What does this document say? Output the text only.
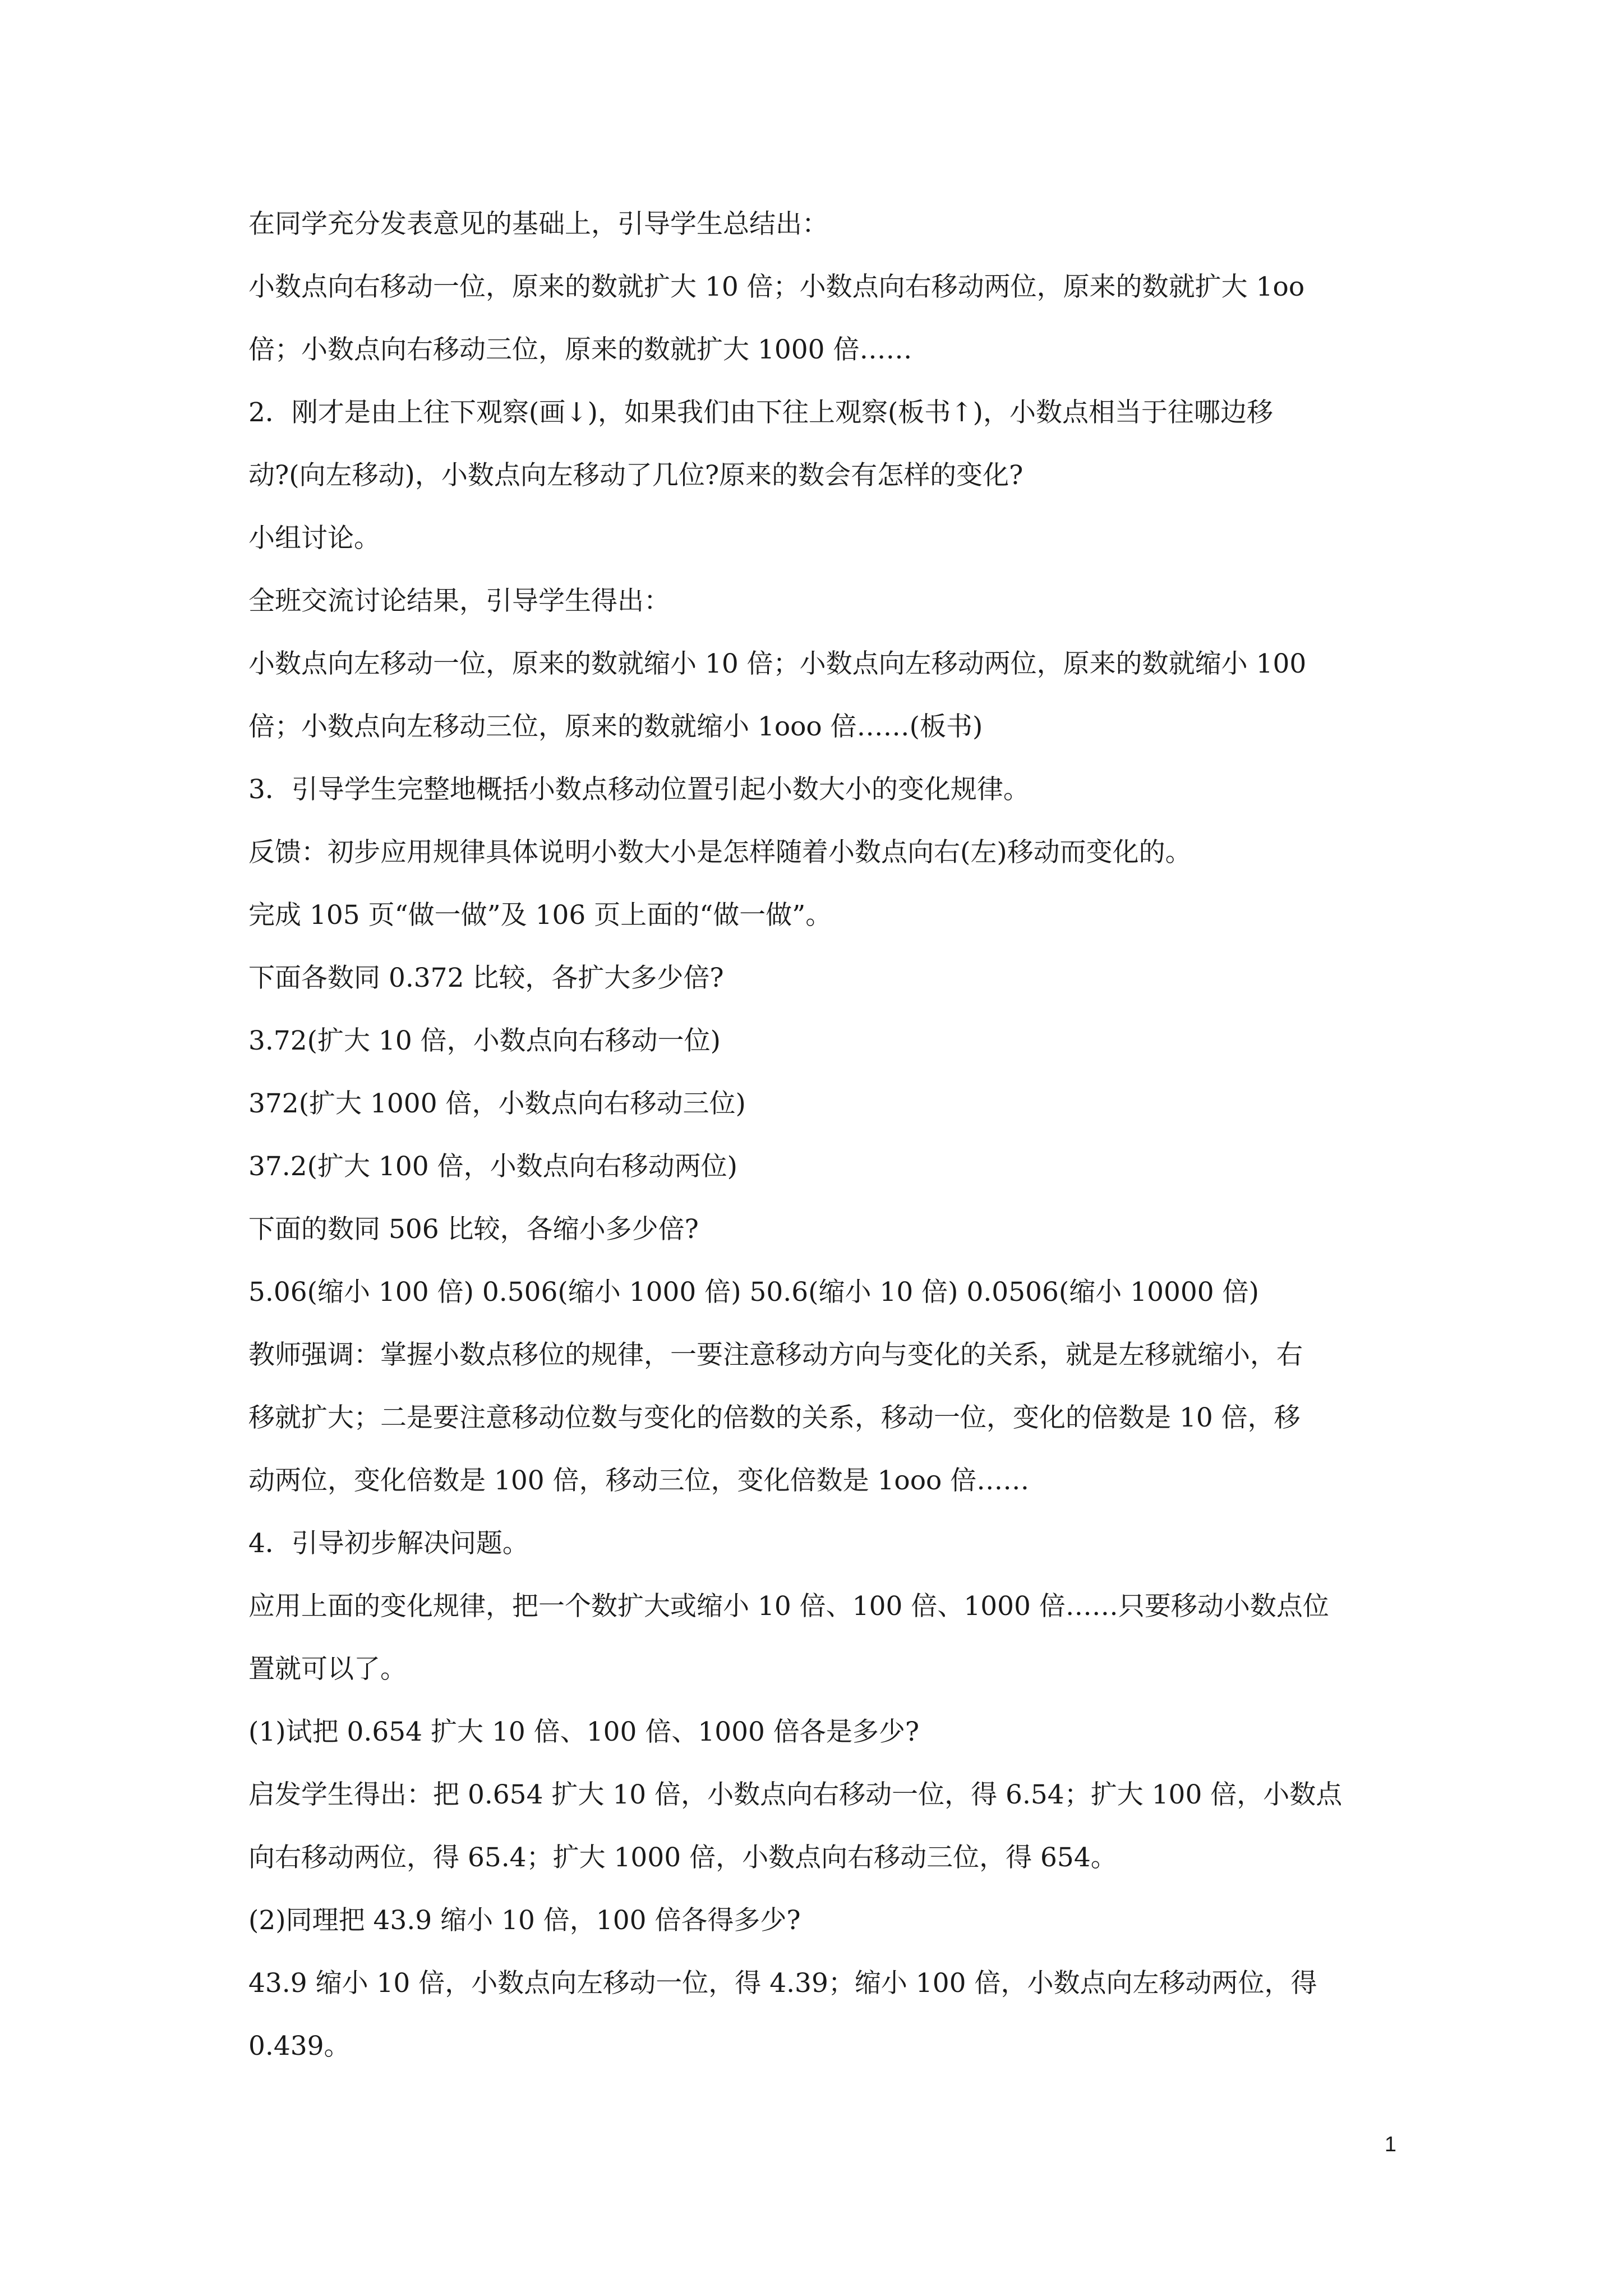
在同学充分发表意见的基础上，引导学生总结出：

小数点向右移动一位，原来的数就扩大 10 倍；小数点向右移动两位，原来的数就扩大 1oo

倍；小数点向右移动三位，原来的数就扩大 1000 倍……

2．刚才是由上往下观察(画↓)，如果我们由下往上观察(板书↑)，小数点相当于往哪边移

动?(向左移动)，小数点向左移动了几位?原来的数会有怎样的变化?

小组讨论。

全班交流讨论结果，引导学生得出：

小数点向左移动一位，原来的数就缩小 10 倍；小数点向左移动两位，原来的数就缩小 100

倍；小数点向左移动三位，原来的数就缩小 1ooo 倍……(板书)

3．引导学生完整地概括小数点移动位置引起小数大小的变化规律。

反馈：初步应用规律具体说明小数大小是怎样随着小数点向右(左)移动而变化的。

完成 105 页“做一做”及 106 页上面的“做一做”。

下面各数同 0.372 比较，各扩大多少倍?

3.72(扩大 10 倍，小数点向右移动一位)

372(扩大 1000 倍，小数点向右移动三位)

37.2(扩大 100 倍，小数点向右移动两位)

下面的数同 506 比较，各缩小多少倍?

5.06(缩小 100 倍) 0.506(缩小 1000 倍) 50.6(缩小 10 倍) 0.0506(缩小 10000 倍)

教师强调：掌握小数点移位的规律，一要注意移动方向与变化的关系，就是左移就缩小，右

移就扩大；二是要注意移动位数与变化的倍数的关系，移动一位，变化的倍数是 10 倍，移

动两位，变化倍数是 100 倍，移动三位，变化倍数是 1ooo 倍……

4．引导初步解决问题。

应用上面的变化规律，把一个数扩大或缩小 10 倍、100 倍、1000 倍……只要移动小数点位

置就可以了。

(1)试把 0.654 扩大 10 倍、100 倍、1000 倍各是多少?

启发学生得出：把 0.654 扩大 10 倍，小数点向右移动一位，得 6.54；扩大 100 倍，小数点

向右移动两位，得 65.4；扩大 1000 倍，小数点向右移动三位，得 654。

(2)同理把 43.9 缩小 10 倍，100 倍各得多少?

43.9 缩小 10 倍，小数点向左移动一位，得 4.39；缩小 100 倍，小数点向左移动两位，得

0.439。

1
